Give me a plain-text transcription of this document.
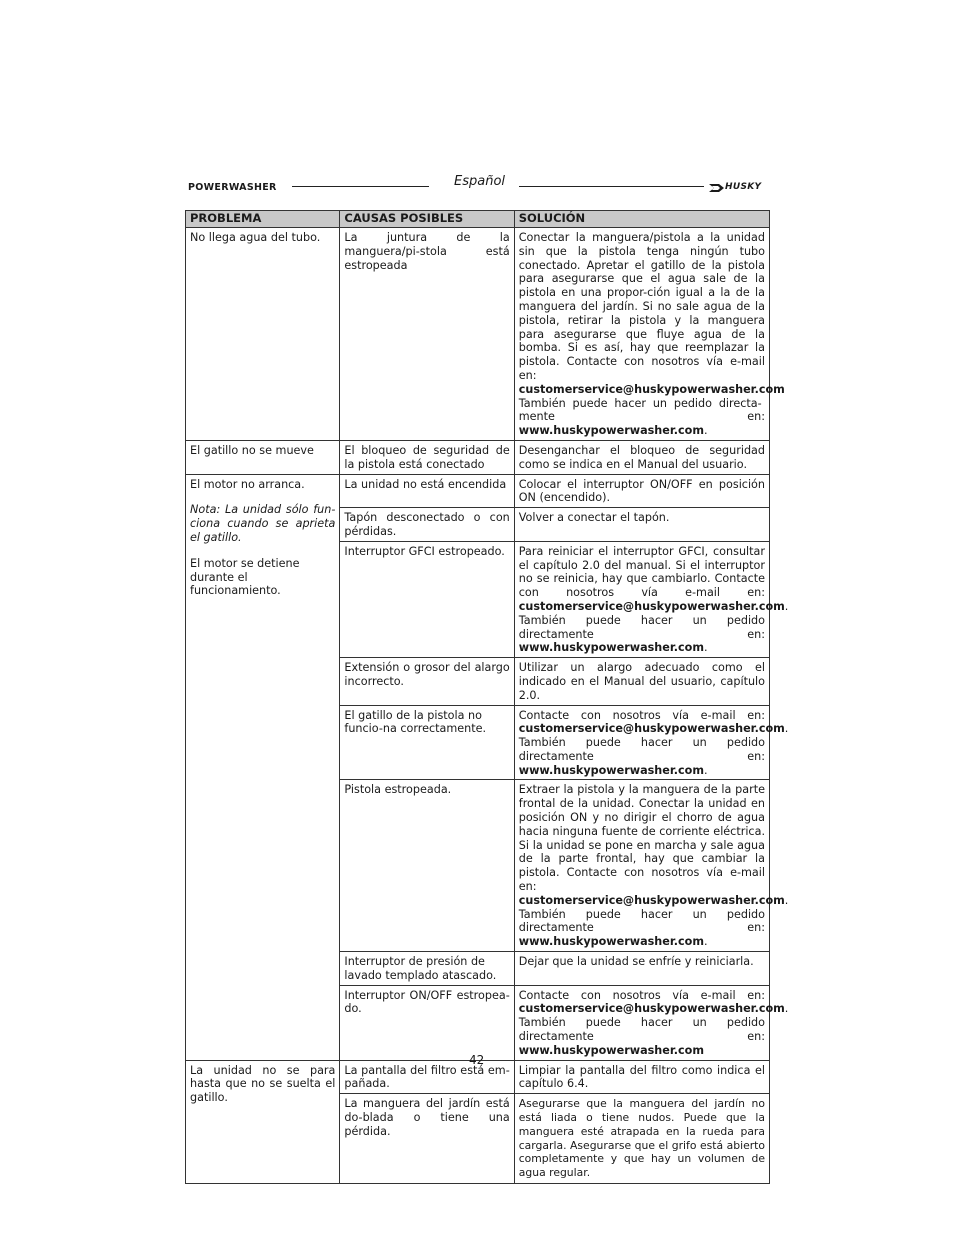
POWERWASHER	Español	HUSKY
PROBLEMA	CAUSAS POSIBLES	SOLUCIÓN
No llega agua del tubo.	La juntura de la manguera/pi-stola está estropeada	Conectar la manguera/pistola a la unidad sin que la pistola tenga ningún tubo conectado. Apretar el gatillo de la pistola para asegurarse que el agua sale de la pistola en una propor-ción igual a la de la manguera del jardín. Si no sale agua de la pistola, retirar la pistola y la manguera para asegurarse que fluye agua de la bomba. Si es así, hay que reemplazar la pistola. Contacte con nosotros vía e-mail en: customerservice@huskypowerwasher.com También puede hacer un pedido directa-mente en: www.huskypowerwasher.com.
El gatillo no se mueve	El bloqueo de seguridad de la pistola está conectado	Desenganchar el bloqueo de seguridad como se indica en el Manual del usuario.
El motor no arranca.
Nota: La unidad sólo fun-ciona cuando se aprieta el gatillo.
El motor se detiene durante el funcionamiento.	La unidad no está encendida	Colocar el interruptor ON/OFF en posición ON (encendido).
	Tapón desconectado o con pérdidas.	Volver a conectar el tapón.
	Interruptor GFCI estropeado.	Para reiniciar el interruptor GFCI, consultar el capítulo 2.0 del manual. Si el interruptor no se reinicia, hay que cambiarlo. Contacte con nosotros vía e-mail en: customerservice@huskypowerwasher.com. También puede hacer un pedido directamente en: www.huskypowerwasher.com.
	Extensión o grosor del alargo incorrecto.	Utilizar un alargo adecuado como el indicado en el Manual del usuario, capítulo 2.0.
	El gatillo de la pistola no funcio-na correctamente.	Contacte con nosotros vía e-mail en: customerservice@huskypowerwasher.com. También puede hacer un pedido directamente en: www.huskypowerwasher.com.
	Pistola estropeada.	Extraer la pistola y la manguera de la parte frontal de la unidad. Conectar la unidad en posición ON y no dirigir el chorro de agua hacia ninguna fuente de corriente eléctrica. Si la unidad se pone en marcha y sale agua de la parte frontal, hay que cambiar la pistola. Contacte con nosotros vía e-mail en: customerservice@huskypowerwasher.com. También puede hacer un pedido directamente en: www.huskypowerwasher.com.
	Interruptor de presión de lavado templado atascado.	Dejar que la unidad se enfríe y reiniciarla.
	Interruptor ON/OFF estropea-do.	Contacte con nosotros vía e-mail en: customerservice@huskypowerwasher.com. También puede hacer un pedido directamente en: www.huskypowerwasher.com
La unidad no se para hasta que no se suelta el gatillo.	La pantalla del filtro está em-pañada.	Limpiar la pantalla del filtro como indica el capítulo 6.4.
	La manguera del jardín está do-blada o tiene una pérdida.	Asegurarse que la manguera del jardín no está liada o tiene nudos. Puede que la manguera esté atrapada en la rueda para cargarla. Asegurarse que el grifo está abierto completamente y que hay un volumen de agua regular.
42
